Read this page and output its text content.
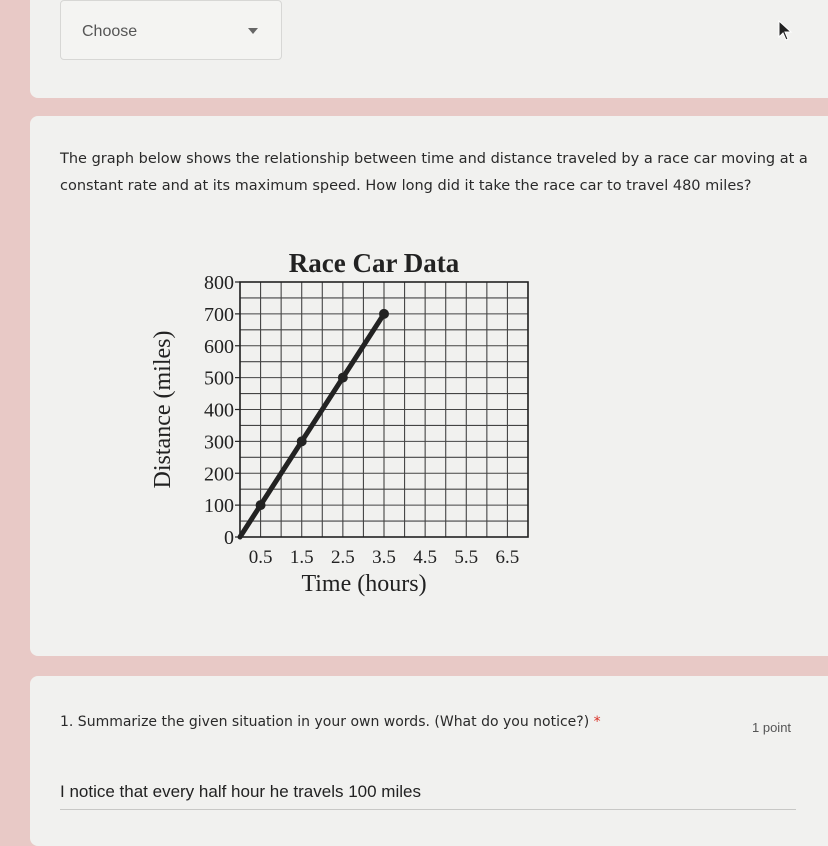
Choose
The graph below shows the relationship between time and distance traveled by a race car moving at a constant rate and at its maximum speed. How long did it take the race car to travel 480 miles?
Race Car Data
0
100
200
300
400
500
600
700
800
0.5 1.5 2.5 3.5 4.5 5.5 6.5
Time (hours)
Distance (miles)
1. Summarize the given situation in your own words. (What do you notice?) *	1 point
I notice that every half hour he travels 100 miles
